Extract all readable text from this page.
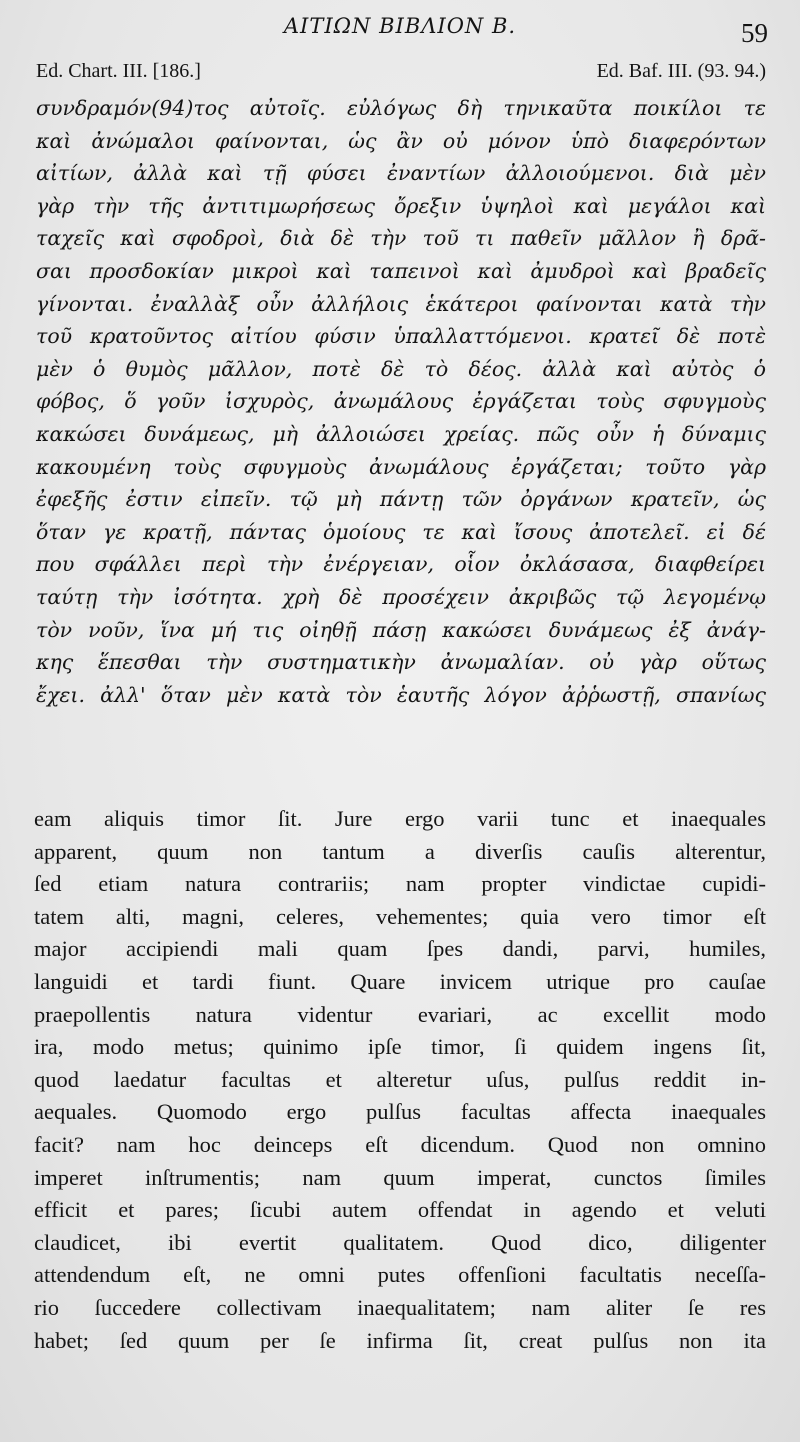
ΑΙΤΙΩΝ ΒΙΒΛΙΟΝ Β.	59
Ed. Chart. III. [186.]	Ed. Baf. III. (93. 94.)
συνδραμόν(94)τος αὐτοῖς. εὐλόγως δὴ τηνικαῦτα ποικίλοι τε
καὶ ἀνώμαλοι φαίνονται, ὡς ἂν οὐ μόνον ὑπὸ διαφερόντων
αἰτίων, ἀλλὰ καὶ τῇ φύσει ἐναντίων ἀλλοιούμενοι. διὰ μὲν
γὰρ τὴν τῆς ἀντιτιμωρήσεως ὄρεξιν ὑψηλοὶ καὶ μεγάλοι καὶ
ταχεῖς καὶ σφοδροὶ, διὰ δὲ τὴν τοῦ τι παθεῖν μᾶλλον ἢ δρᾶ-
σαι προσδοκίαν μικροὶ καὶ ταπεινοὶ καὶ ἀμυδροὶ καὶ βραδεῖς
γίνονται. ἐναλλὰξ οὖν ἀλλήλοις ἑκάτεροι φαίνονται κατὰ τὴν
τοῦ κρατοῦντος αἰτίου φύσιν ὑπαλλαττόμενοι. κρατεῖ δὲ ποτὲ
μὲν ὁ θυμὸς μᾶλλον, ποτὲ δὲ τὸ δέος. ἀλλὰ καὶ αὐτὸς ὁ
φόβος, ὅ γοῦν ἰσχυρὸς, ἀνωμάλους ἐργάζεται τοὺς σφυγμοὺς
κακώσει δυνάμεως, μὴ ἀλλοιώσει χρείας. πῶς οὖν ἡ δύναμις
κακουμένη τοὺς σφυγμοὺς ἀνωμάλους ἐργάζεται; τοῦτο γὰρ
ἐφεξῆς ἐστιν εἰπεῖν. τῷ μὴ πάντῃ τῶν ὀργάνων κρατεῖν, ὡς
ὅταν γε κρατῇ, πάντας ὁμοίους τε καὶ ἴσους ἀποτελεῖ. εἰ δέ
που σφάλλει περὶ τὴν ἐνέργειαν, οἷον ὀκλάσασα, διαφθείρει
ταύτῃ τὴν ἰσότητα. χρὴ δὲ προσέχειν ἀκριβῶς τῷ λεγομένῳ
τὸν νοῦν, ἵνα μή τις οἰηθῇ πάσῃ κακώσει δυνάμεως ἐξ ἀνάγ-
κης ἕπεσθαι τὴν συστηματικὴν ἀνωμαλίαν. οὐ γὰρ οὕτως
ἔχει. ἀλλ' ὅταν μὲν κατὰ τὸν ἑαυτῆς λόγον ἀῤῥωστῇ, σπανίως
eam aliquis timor ſit. Jure ergo varii tunc et inaequales
apparent, quum non tantum a diverſis cauſis alterentur,
ſed etiam natura contrariis; nam propter vindictae cupidi-
tatem alti, magni, celeres, vehementes; quia vero timor eſt
major accipiendi mali quam ſpes dandi, parvi, humiles,
languidi et tardi fiunt. Quare invicem utrique pro cauſae
praepollentis natura videntur evariari, ac excellit modo
ira, modo metus; quinimo ipſe timor, ſi quidem ingens ſit,
quod laedatur facultas et alteretur uſus, pulſus reddit in-
aequales. Quomodo ergo pulſus facultas affecta inaequales
facit? nam hoc deinceps eſt dicendum. Quod non omnino
imperet inſtrumentis; nam quum imperat, cunctos ſimiles
efficit et pares; ſicubi autem offendat in agendo et veluti
claudicet, ibi evertit qualitatem. Quod dico, diligenter
attendendum eſt, ne omni putes offenſioni facultatis neceſſa-
rio ſuccedere collectivam inaequalitatem; nam aliter ſe res
habet; ſed quum per ſe infirma ſit, creat pulſus non ita
